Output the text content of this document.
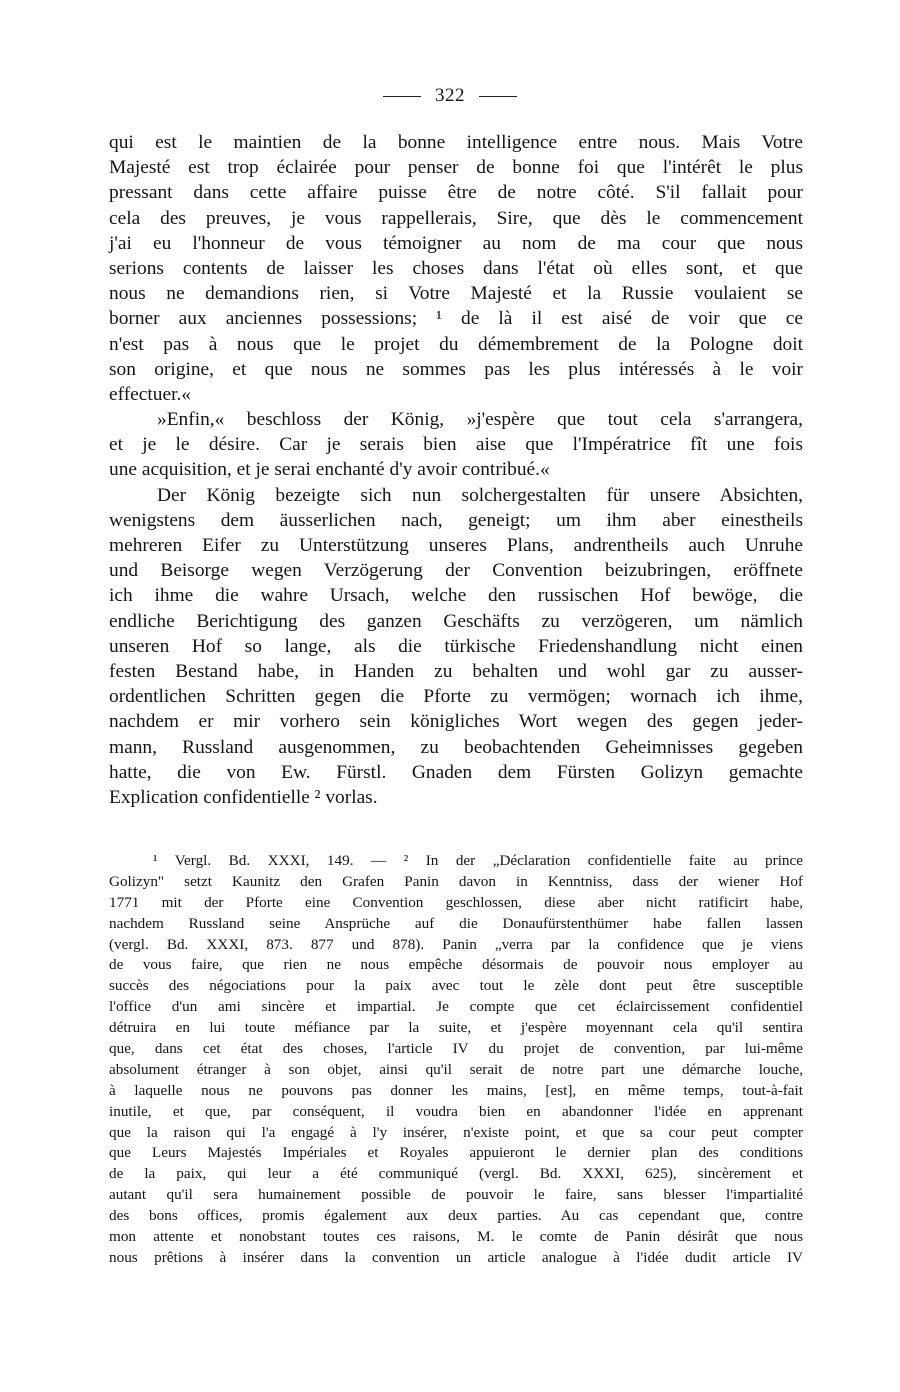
322
qui est le maintien de la bonne intelligence entre nous. Mais Votre
Majesté est trop éclairée pour penser de bonne foi que l'intérêt le plus
pressant dans cette affaire puisse être de notre côté. S'il fallait pour
cela des preuves, je vous rappellerais, Sire, que dès le commencement
j'ai eu l'honneur de vous témoigner au nom de ma cour que nous
serions contents de laisser les choses dans l'état où elles sont, et que
nous ne demandions rien, si Votre Majesté et la Russie voulaient se
borner aux anciennes possessions; ¹ de là il est aisé de voir que ce
n'est pas à nous que le projet du démembrement de la Pologne doit
son origine, et que nous ne sommes pas les plus intéressés à le voir
effectuer.«
»Enfin,« beschloss der König, »j'espère que tout cela s'arrangera,
et je le désire. Car je serais bien aise que l'Impératrice fît une fois
une acquisition, et je serai enchanté d'y avoir contribué.«
Der König bezeigte sich nun solchergestalten für unsere Absichten,
wenigstens dem äusserlichen nach, geneigt; um ihm aber einestheils
mehreren Eifer zu Unterstützung unseres Plans, andrentheils auch Unruhe
und Beisorge wegen Verzögerung der Convention beizubringen, eröffnete
ich ihme die wahre Ursach, welche den russischen Hof bewöge, die
endliche Berichtigung des ganzen Geschäfts zu verzögeren, um nämlich
unseren Hof so lange, als die türkische Friedenshandlung nicht einen
festen Bestand habe, in Handen zu behalten und wohl gar zu ausser-
ordentlichen Schritten gegen die Pforte zu vermögen; wornach ich ihme,
nachdem er mir vorhero sein königliches Wort wegen des gegen jeder-
mann, Russland ausgenommen, zu beobachtenden Geheimnisses gegeben
hatte, die von Ew. Fürstl. Gnaden dem Fürsten Golizyn gemachte
Explication confidentielle ² vorlas.
¹ Vergl. Bd. XXXI, 149. — ² In der „Déclaration confidentielle faite au prince
Golizyn" setzt Kaunitz den Grafen Panin davon in Kenntniss, dass der wiener Hof
1771 mit der Pforte eine Convention geschlossen, diese aber nicht ratificirt habe,
nachdem Russland seine Ansprüche auf die Donaufürstenthümer habe fallen lassen
(vergl. Bd. XXXI, 873. 877 und 878). Panin „verra par la confidence que je viens
de vous faire, que rien ne nous empêche désormais de pouvoir nous employer au
succès des négociations pour la paix avec tout le zèle dont peut être susceptible
l'office d'un ami sincère et impartial. Je compte que cet éclaircissement confidentiel
détruira en lui toute méfiance par la suite, et j'espère moyennant cela qu'il sentira
que, dans cet état des choses, l'article IV du projet de convention, par lui-même
absolument étranger à son objet, ainsi qu'il serait de notre part une démarche louche,
à laquelle nous ne pouvons pas donner les mains, [est], en même temps, tout-à-fait
inutile, et que, par conséquent, il voudra bien en abandonner l'idée en apprenant
que la raison qui l'a engagé à l'y insérer, n'existe point, et que sa cour peut compter
que Leurs Majestés Impériales et Royales appuieront le dernier plan des conditions
de la paix, qui leur a été communiqué (vergl. Bd. XXXI, 625), sincèrement et
autant qu'il sera humainement possible de pouvoir le faire, sans blesser l'impartialité
des bons offices, promis également aux deux parties. Au cas cependant que, contre
mon attente et nonobstant toutes ces raisons, M. le comte de Panin désirât que nous
nous prêtions à insérer dans la convention un article analogue à l'idée dudit article IV
